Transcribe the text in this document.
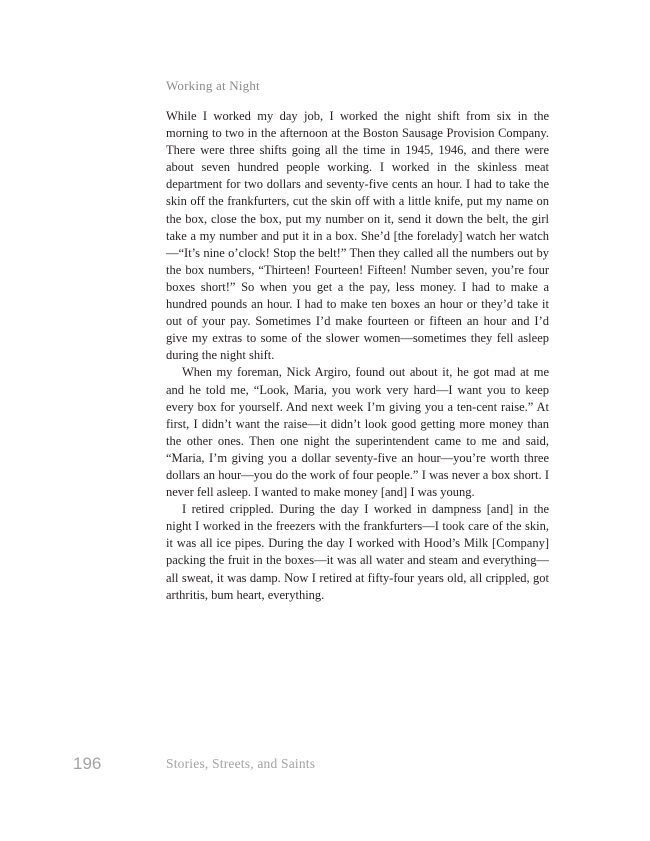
Working at Night

While I worked my day job, I worked the night shift from six in the morning to two in the afternoon at the Boston Sausage Provision Company. There were three shifts going all the time in 1945, 1946, and there were about seven hundred people working. I worked in the skinless meat department for two dollars and seventy-five cents an hour. I had to take the skin off the frankfurters, cut the skin off with a little knife, put my name on the box, close the box, put my number on it, send it down the belt, the girl take a my number and put it in a box. She’d [the forelady] watch her watch—“It’s nine o’clock! Stop the belt!” Then they called all the numbers out by the box numbers, “Thirteen! Fourteen! Fifteen! Number seven, you’re four boxes short!” So when you get a the pay, less money. I had to make a hundred pounds an hour. I had to make ten boxes an hour or they’d take it out of your pay. Sometimes I’d make fourteen or fifteen an hour and I’d give my extras to some of the slower women—sometimes they fell asleep during the night shift.

When my foreman, Nick Argiro, found out about it, he got mad at me and he told me, “Look, Maria, you work very hard—I want you to keep every box for yourself. And next week I’m giving you a ten-cent raise.” At first, I didn’t want the raise—it didn’t look good getting more money than the other ones. Then one night the superintendent came to me and said, “Maria, I’m giving you a dollar seventy-five an hour—you’re worth three dollars an hour—you do the work of four people.” I was never a box short. I never fell asleep. I wanted to make money [and] I was young.

I retired crippled. During the day I worked in dampness [and] in the night I worked in the freezers with the frankfurters—I took care of the skin, it was all ice pipes. During the day I worked with Hood’s Milk [Company] packing the fruit in the boxes—it was all water and steam and everything—all sweat, it was damp. Now I retired at fifty-four years old, all crippled, got arthritis, bum heart, everything.

196	Stories, Streets, and Saints
